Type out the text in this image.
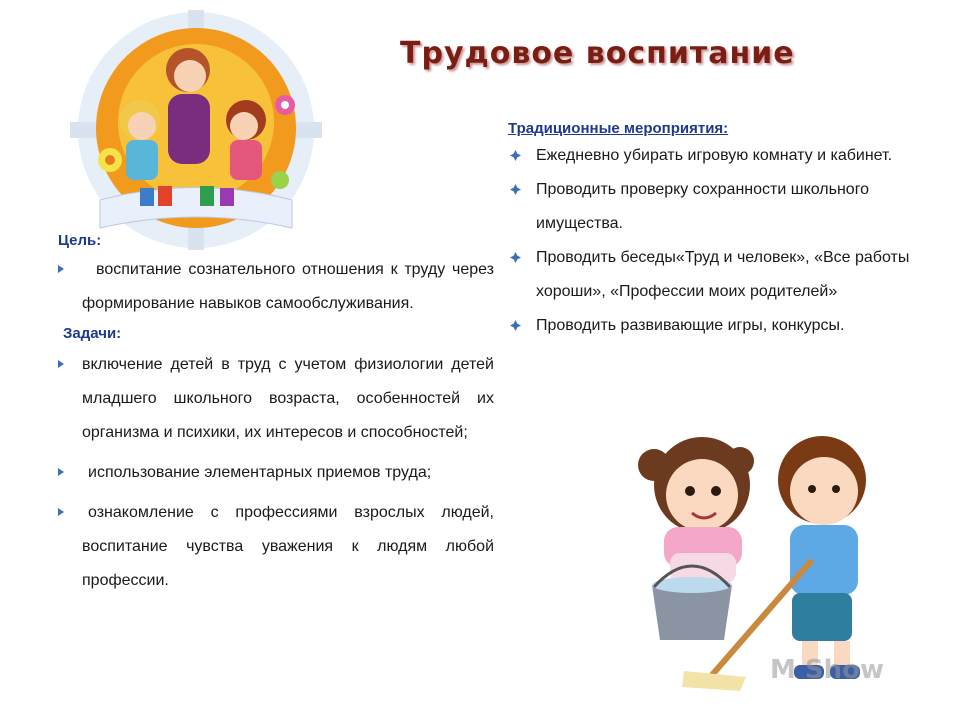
Трудовое воспитание
Цель:
воспитание сознательного отношения к труду через формирование навыков самообслуживания.
Задачи:
включение детей в труд с учетом физиологии детей младшего школьного возраста, особенностей их организма и психики, их интересов и способностей;
использование элементарных приемов труда;
ознакомление с профессиями взрослых людей, воспитание чувства уважения к людям любой профессии.
Традиционные мероприятия:
Ежедневно убирать игровую комнату и кабинет.
Проводить проверку сохранности школьного имущества.
Проводить беседы«Труд и человек», «Все работы хороши», «Профессии моих родителей»
Проводить развивающие игры, конкурсы.
M Show
